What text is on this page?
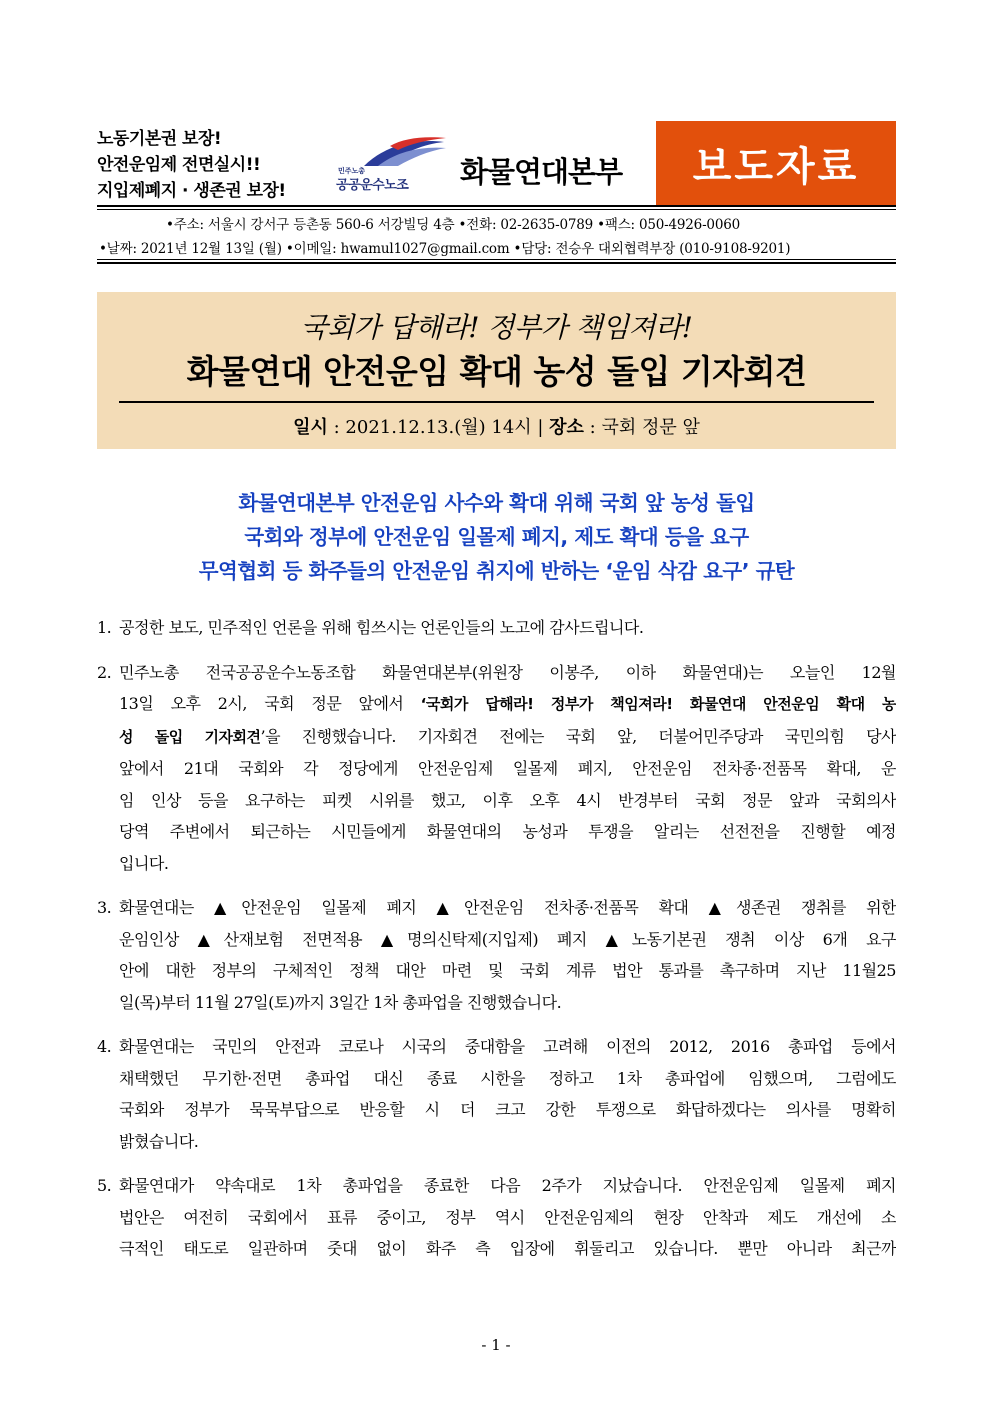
노동기본권 보장!
안전운임제 전면실시!!
지입제폐지 · 생존권 보장!
민주노총
공공운수노조 화물연대본부 보도자료
•주소: 서울시 강서구 등촌동 560-6 서강빌딩 4층 •전화: 02-2635-0789 •팩스: 050-4926-0060
•날짜: 2021년 12월 13일 (월) •이메일: hwamul1027@gmail.com •담당: 전승우 대외협력부장 (010-9108-9201)
국회가 답해라! 정부가 책임져라!
화물연대 안전운임 확대 농성 돌입 기자회견
일시 : 2021.12.13.(월) 14시 | 장소 : 국회 정문 앞
화물연대본부 안전운임 사수와 확대 위해 국회 앞 농성 돌입
국회와 정부에 안전운임 일몰제 폐지, 제도 확대 등을 요구
무역협회 등 화주들의 안전운임 취지에 반하는 ‘운임 삭감 요구’ 규탄
1. 공정한 보도, 민주적인 언론을 위해 힘쓰시는 언론인들의 노고에 감사드립니다.
2. 민주노총 전국공공운수노동조합 화물연대본부(위원장 이봉주, 이하 화물연대)는 오늘인 12월
13일 오후 2시, 국회 정문 앞에서 ‘국회가 답해라! 정부가 책임져라! 화물연대 안전운임 확대 농
성 돌입 기자회견’을 진행했습니다. 기자회견 전에는 국회 앞, 더불어민주당과 국민의힘 당사
앞에서 21대 국회와 각 정당에게 안전운임제 일몰제 폐지, 안전운임 전차종·전품목 확대, 운
임 인상 등을 요구하는 피켓 시위를 했고, 이후 오후 4시 반경부터 국회 정문 앞과 국회의사
당역 주변에서 퇴근하는 시민들에게 화물연대의 농성과 투쟁을 알리는 선전전을 진행할 예정
입니다.
3. 화물연대는 ▲안전운임 일몰제 폐지 ▲안전운임 전차종·전품목 확대 ▲생존권 쟁취를 위한
운임인상 ▲산재보험 전면적용 ▲명의신탁제(지입제) 폐지 ▲노동기본권 쟁취 이상 6개 요구
안에 대한 정부의 구체적인 정책 대안 마련 및 국회 계류 법안 통과를 촉구하며 지난 11월25
일(목)부터 11월 27일(토)까지 3일간 1차 총파업을 진행했습니다.
4. 화물연대는 국민의 안전과 코로나 시국의 중대함을 고려해 이전의 2012, 2016 총파업 등에서
채택했던 무기한·전면 총파업 대신 종료 시한을 정하고 1차 총파업에 임했으며, 그럼에도
국회와 정부가 묵묵부답으로 반응할 시 더 크고 강한 투쟁으로 화답하겠다는 의사를 명확히
밝혔습니다.
5. 화물연대가 약속대로 1차 총파업을 종료한 다음 2주가 지났습니다. 안전운임제 일몰제 폐지
법안은 여전히 국회에서 표류 중이고, 정부 역시 안전운임제의 현장 안착과 제도 개선에 소
극적인 태도로 일관하며 줏대 없이 화주 측 입장에 휘둘리고 있습니다. 뿐만 아니라 최근까
- 1 -
